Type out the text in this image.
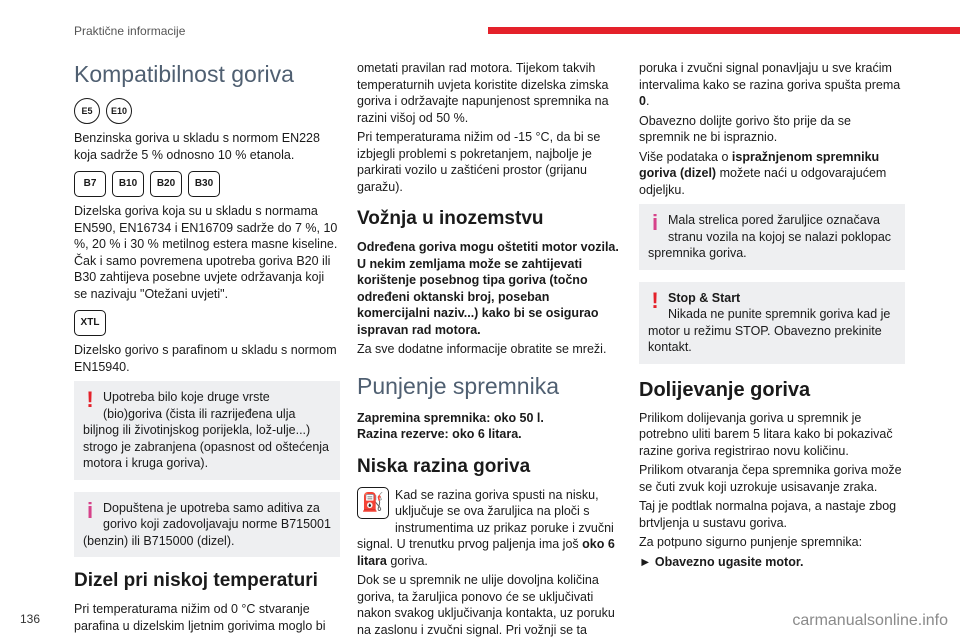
Praktične informacije
Kompatibilnost goriva
E5	E10

Benzinska goriva u skladu s normom EN228 koja sadrže 5 % odnosno 10 % etanola.

B7	B10	B20	B30

Dizelska goriva koja su u skladu s normama EN590, EN16734 i EN16709 sadrže do 7 %, 10 %, 20 % i 30 % metilnog estera masne kiseline. Čak i samo povremena upotreba goriva B20 ili B30 zahtijeva posebne uvjete održavanja koji se nazivaju "Otežani uvjeti".

XTL

Dizelsko gorivo s parafinom u skladu s normom EN15940.

! Upotreba bilo koje druge vrste (bio)goriva (čista ili razrijeđena ulja biljnog ili životinjskog porijekla, lož-ulje...) strogo je zabranjena (opasnost od oštećenja motora i kruga goriva).

i Dopuštena je upotreba samo aditiva za gorivo koji zadovoljavaju norme B715001 (benzin) ili B715000 (dizel).

Dizel pri niskoj temperaturi

Pri temperaturama nižim od 0 °C stvaranje parafina u dizelskim ljetnim gorivima moglo bi

ometati pravilan rad motora. Tijekom takvih temperaturnih uvjeta koristite dizelska zimska goriva i održavajte napunjenost spremnika na razini višoj od 50 %.

Pri temperaturama nižim od -15 °C, da bi se izbjegli problemi s pokretanjem, najbolje je parkirati vozilo u zaštićeni prostor (grijanu garažu).

Vožnja u inozemstvu

Određena goriva mogu oštetiti motor vozila. U nekim zemljama može se zahtijevati korištenje posebnog tipa goriva (točno određeni oktanski broj, poseban komercijalni naziv...) kako bi se osigurao ispravan rad motora.

Za sve dodatne informacije obratite se mreži.

Punjenje spremnika

Zapremina spremnika: oko 50 l.

Razina rezerve: oko 6 litara.

Niska razina goriva
⛽ Kad se razina goriva spusti na nisku, uključuje se ova žaruljica na ploči s instrumentima uz prikaz poruke i zvučni signal. U trenutku prvog paljenja ima još oko 6 litara goriva.

Dok se u spremnik ne ulije dovoljna količina goriva, ta žaruljica ponovo će se uključivati nakon svakog uključivanja kontakta, uz poruku na zaslonu i zvučni signal. Pri vožnji se ta

poruka i zvučni signal ponavljaju u sve kraćim intervalima kako se razina goriva spušta prema 0.

Obavezno dolijte gorivo što prije da se spremnik ne bi ispraznio.

Više podataka o ispražnjenom spremniku goriva (dizel) možete naći u odgovarajućem odjeljku.

i Mala strelica pored žaruljice označava stranu vozila na kojoj se nalazi poklopac spremnika goriva.

! Stop & Start

Nikada ne punite spremnik goriva kad je motor u režimu STOP. Obavezno prekinite kontakt.

Dolijevanje goriva

Prilikom dolijevanja goriva u spremnik je potrebno uliti barem 5 litara kako bi pokazivač razine goriva registrirao novu količinu.

Prilikom otvaranja čepa spremnika goriva može se čuti zvuk koji uzrokuje usisavanje zraka.

Taj je podtlak normalna pojava, a nastaje zbog brtvljenja u sustavu goriva.

Za potpuno sigurno punjenje spremnika:

► Obavezno ugasite motor.

136	carmanualsonline.info
